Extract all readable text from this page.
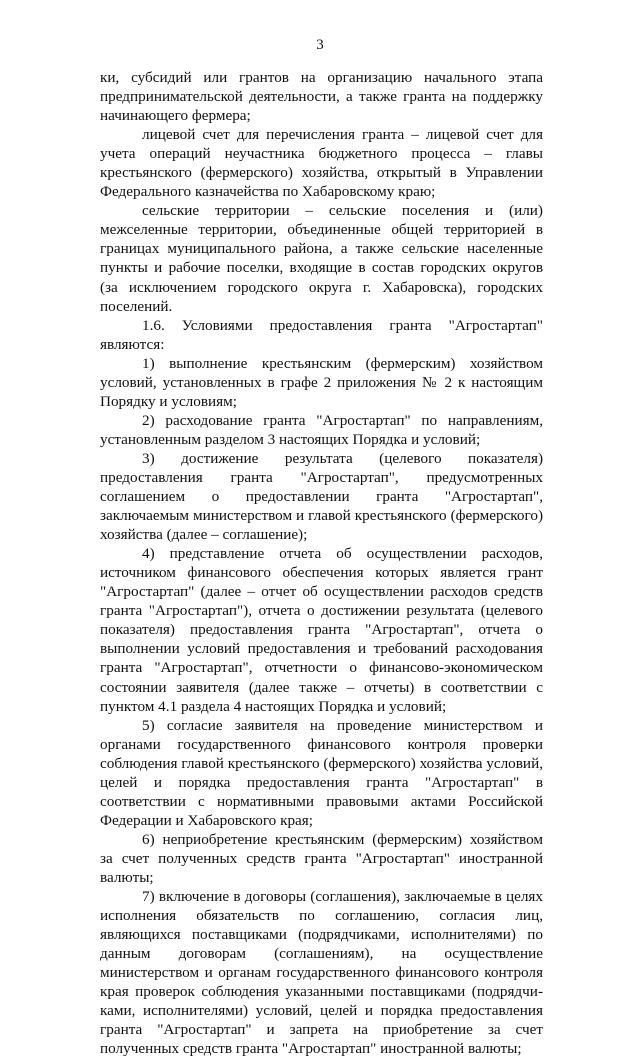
3

ки, субсидий или грантов на организацию начального этапа предпринимательской деятельности, а также гранта на поддержку начинающего фермера;

лицевой счет для перечисления гранта – лицевой счет для учета операций неучастника бюджетного процесса – главы крестьянского (фермерского) хозяйства, открытый в Управлении Федерального казначейства по Хабаровскому краю;

сельские территории – сельские поселения и (или) межселенные территории, объединенные общей территорией в границах муниципального района, а также сельские населенные пункты и рабочие поселки, входящие в состав городских округов (за исключением городского округа г. Хабаровска), городских поселений.

1.6. Условиями предоставления гранта "Агростартап" являются:

1) выполнение крестьянским (фермерским) хозяйством условий, установленных в графе 2 приложения № 2 к настоящим Порядку и условиям;

2) расходование гранта "Агростартап" по направлениям, установленным разделом 3 настоящих Порядка и условий;

3) достижение результата (целевого показателя) предоставления гранта "Агростартап", предусмотренных соглашением о предоставлении гранта "Агростартап", заключаемым министерством и главой крестьянского (фермерского) хозяйства (далее – соглашение);

4) представление отчета об осуществлении расходов, источником финансового обеспечения которых является грант "Агростартап" (далее – отчет об осуществлении расходов средств гранта "Агростартап"), отчета о достижении результата (целевого показателя) предоставления гранта "Агростартап", отчета о выполнении условий предоставления и требований расходования гранта "Агростартап", отчетности о финансово-экономическом состоянии заявителя (далее также – отчеты) в соответствии с пунктом 4.1 раздела 4 настоящих Порядка и условий;

5) согласие заявителя на проведение министерством и органами государственного финансового контроля проверки соблюдения главой крестьянского (фермерского) хозяйства условий, целей и порядка предоставления гранта "Агростартап" в соответствии с нормативными правовыми актами Российской Федерации и Хабаровского края;

6) неприобретение крестьянским (фермерским) хозяйством за счет полученных средств гранта "Агростартап" иностранной валюты;

7) включение в договоры (соглашения), заключаемые в целях исполнения обязательств по соглашению, согласия лиц, являющихся поставщиками (подрядчиками, исполнителями) по данным договорам (соглашениям), на осуществление министерством и органам государственного финансового контроля края проверок соблюдения указанными поставщиками (подрядчиками, исполнителями) условий, целей и порядка предоставления гранта "Агростартап" и запрета на приобретение за счет полученных средств гранта "Агростартап" иностранной валюты;
